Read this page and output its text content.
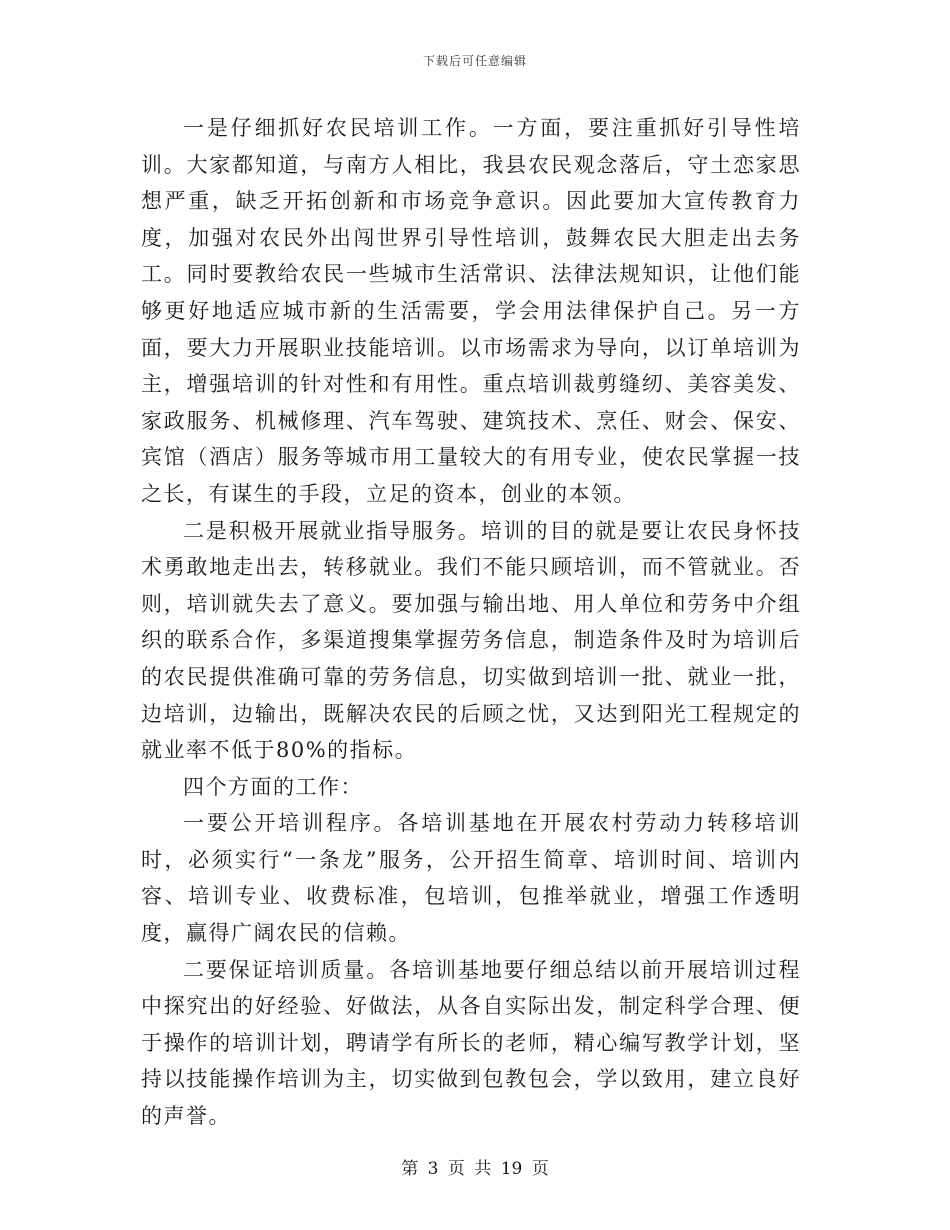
下载后可任意编辑

一是仔细抓好农民培训工作。一方面，要注重抓好引导性培训。大家都知道，与南方人相比，我县农民观念落后，守土恋家思想严重，缺乏开拓创新和市场竞争意识。因此要加大宣传教育力度，加强对农民外出闯世界引导性培训，鼓舞农民大胆走出去务工。同时要教给农民一些城市生活常识、法律法规知识，让他们能够更好地适应城市新的生活需要，学会用法律保护自己。另一方面，要大力开展职业技能培训。以市场需求为导向，以订单培训为主，增强培训的针对性和有用性。重点培训裁剪缝纫、美容美发、家政服务、机械修理、汽车驾驶、建筑技术、烹任、财会、保安、宾馆（酒店）服务等城市用工量较大的有用专业，使农民掌握一技之长，有谋生的手段，立足的资本，创业的本领。

二是积极开展就业指导服务。培训的目的就是要让农民身怀技术勇敢地走出去，转移就业。我们不能只顾培训，而不管就业。否则，培训就失去了意义。要加强与输出地、用人单位和劳务中介组织的联系合作，多渠道搜集掌握劳务信息，制造条件及时为培训后的农民提供准确可靠的劳务信息，切实做到培训一批、就业一批，边培训，边输出，既解决农民的后顾之忧，又达到阳光工程规定的就业率不低于80%的指标。

四个方面的工作：

一要公开培训程序。各培训基地在开展农村劳动力转移培训时，必须实行“一条龙”服务，公开招生简章、培训时间、培训内容、培训专业、收费标准，包培训，包推举就业，增强工作透明度，赢得广阔农民的信赖。

二要保证培训质量。各培训基地要仔细总结以前开展培训过程中探究出的好经验、好做法，从各自实际出发，制定科学合理、便于操作的培训计划，聘请学有所长的老师，精心编写教学计划，坚持以技能操作培训为主，切实做到包教包会，学以致用，建立良好的声誉。

第 3 页 共 19 页
